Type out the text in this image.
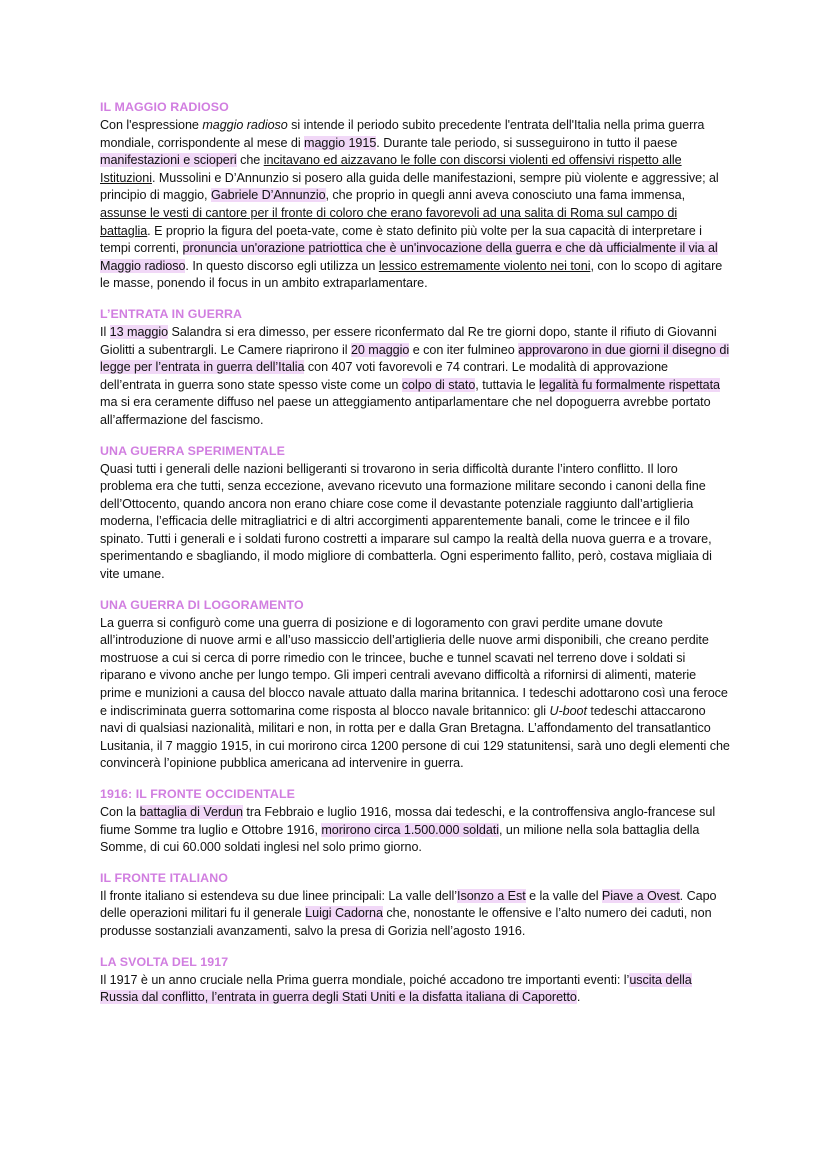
IL MAGGIO RADIOSO

Con l'espressione maggio radioso si intende il periodo subito precedente l'entrata dell'Italia nella prima guerra mondiale, corrispondente al mese di maggio 1915. Durante tale periodo, si susseguirono in tutto il paese manifestazioni e scioperi che incitavano ed aizzavano le folle con discorsi violenti ed offensivi rispetto alle Istituzioni. Mussolini e D’Annunzio si posero alla guida delle manifestazioni, sempre più violente e aggressive; al principio di maggio, Gabriele D’Annunzio, che proprio in quegli anni aveva conosciuto una fama immensa, assunse le vesti di cantore per il fronte di coloro che erano favorevoli ad una salita di Roma sul campo di battaglia. E proprio la figura del poeta-vate, come è stato definito più volte per la sua capacità di interpretare i tempi correnti, pronuncia un'orazione patriottica che è un'invocazione della guerra e che dà ufficialmente il via al Maggio radioso. In questo discorso egli utilizza un lessico estremamente violento nei toni, con lo scopo di agitare le masse, ponendo il focus in un ambito extraparlamentare.

L’ENTRATA IN GUERRA

Il 13 maggio Salandra si era dimesso, per essere riconfermato dal Re tre giorni dopo, stante il rifiuto di Giovanni Giolitti a subentrargli. Le Camere riaprirono il 20 maggio e con iter fulmineo approvarono in due giorni il disegno di legge per l’entrata in guerra dell’Italia con 407 voti favorevoli e 74 contrari. Le modalità di approvazione dell’entrata in guerra sono state spesso viste come un colpo di stato, tuttavia le legalità fu formalmente rispettata ma si era ceramente diffuso nel paese un atteggiamento antiparlamentare che nel dopoguerra avrebbe portato all’affermazione del fascismo.

UNA GUERRA SPERIMENTALE

Quasi tutti i generali delle nazioni belligeranti si trovarono in seria difficoltà durante l’intero conflitto. Il loro problema era che tutti, senza eccezione, avevano ricevuto una formazione militare secondo i canoni della fine dell’Ottocento, quando ancora non erano chiare cose come il devastante potenziale raggiunto dall’artiglieria moderna, l’efficacia delle mitragliatrici e di altri accorgimenti apparentemente banali, come le trincee e il filo spinato. Tutti i generali e i soldati furono costretti a imparare sul campo la realtà della nuova guerra e a trovare, sperimentando e sbagliando, il modo migliore di combatterla. Ogni esperimento fallito, però, costava migliaia di vite umane.

UNA GUERRA DI LOGORAMENTO

La guerra si configurò come una guerra di posizione e di logoramento con gravi perdite umane dovute all’introduzione di nuove armi e all’uso massiccio dell’artiglieria delle nuove armi disponibili, che creano perdite mostruose a cui si cerca di porre rimedio con le trincee, buche e tunnel scavati nel terreno dove i soldati si riparano e vivono anche per lungo tempo. Gli imperi centrali avevano difficoltà a rifornirsi di alimenti, materie prime e munizioni a causa del blocco navale attuato dalla marina britannica. I tedeschi adottarono così una feroce e indiscriminata guerra sottomarina come risposta al blocco navale britannico: gli U-boot tedeschi attaccarono navi di qualsiasi nazionalità, militari e non, in rotta per e dalla Gran Bretagna. L’affondamento del transatlantico Lusitania, il 7 maggio 1915, in cui morirono circa 1200 persone di cui 129 statunitensi, sarà uno degli elementi che convincerà l’opinione pubblica americana ad intervenire in guerra.

1916: IL FRONTE OCCIDENTALE

Con la battaglia di Verdun tra Febbraio e luglio 1916, mossa dai tedeschi, e la controffensiva anglo-francese sul fiume Somme tra luglio e Ottobre 1916, morirono circa 1.500.000 soldati, un milione nella sola battaglia della Somme, di cui 60.000 soldati inglesi nel solo primo giorno.

IL FRONTE ITALIANO

Il fronte italiano si estendeva su due linee principali: La valle dell’Isonzo a Est e la valle del Piave a Ovest. Capo delle operazioni militari fu il generale Luigi Cadorna che, nonostante le offensive e l’alto numero dei caduti, non produsse sostanziali avanzamenti, salvo la presa di Gorizia nell’agosto 1916.

LA SVOLTA DEL 1917

Il 1917 è un anno cruciale nella Prima guerra mondiale, poiché accadono tre importanti eventi: l’uscita della Russia dal conflitto, l’entrata in guerra degli Stati Uniti e la disfatta italiana di Caporetto.
